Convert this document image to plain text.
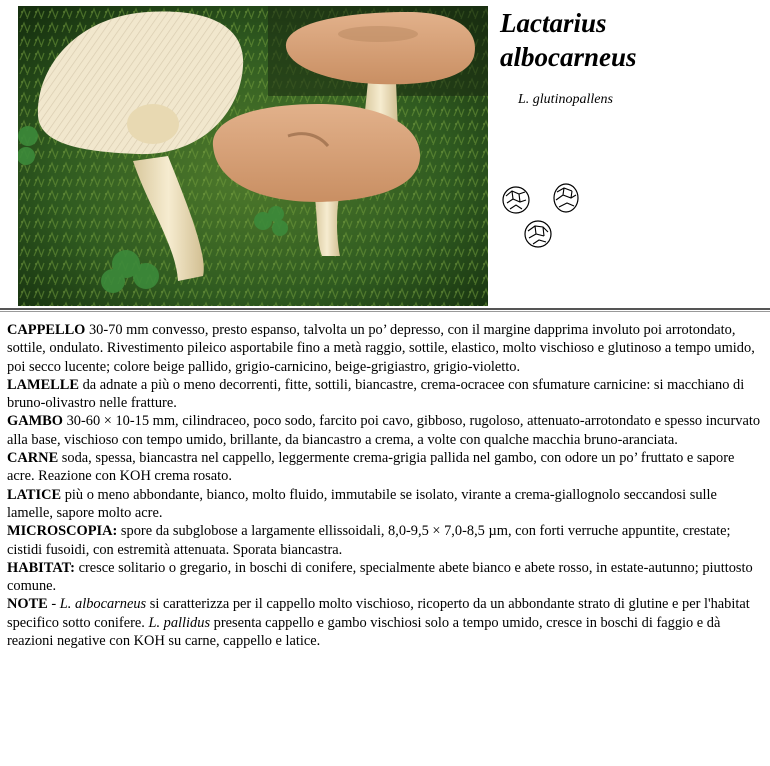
Lactarius
albocarneus
L. glutinopallens

CAPPELLO 30-70 mm convesso, presto espanso, talvolta un po’ depresso, con il margine dapprima involuto poi arrotondato, sottile, ondulato. Rivestimento pileico asportabile fino a metà raggio, sottile, elastico, molto vischioso e glutinoso a tempo umido, poi secco lucente; colore beige pallido, grigio-carnicino, beige-grigiastro, grigio-violetto.

LAMELLE da adnate a più o meno decorrenti, fitte, sottili, biancastre, crema-ocracee con sfumature carnicine: si macchiano di bruno-olivastro nelle fratture.

GAMBO 30-60 × 10-15 mm, cilindraceo, poco sodo, farcito poi cavo, gibboso, rugoloso, attenuato-arrotondato e spesso incurvato alla base, vischioso con tempo umido, brillante, da biancastro a crema, a volte con qualche macchia bruno-aranciata.

CARNE soda, spessa, biancastra nel cappello, leggermente crema-grigia pallida nel gambo, con odore un po’ fruttato e sapore acre. Reazione con KOH crema rosato.

LATICE più o meno abbondante, bianco, molto fluido, immutabile se isolato, virante a crema-giallognolo seccandosi sulle lamelle, sapore molto acre.

MICROSCOPIA: spore da subglobose a largamente ellissoidali, 8,0-9,5 × 7,0-8,5 µm, con forti verruche appuntite, crestate; cistidi fusoidi, con estremità attenuata. Sporata biancastra.

HABITAT: cresce solitario o gregario, in boschi di conifere, specialmente abete bianco e abete rosso, in estate-autunno; piuttosto comune.

NOTE - L. albocarneus si caratterizza per il cappello molto vischioso, ricoperto da un abbondante strato di glutine e per l'habitat specifico sotto conifere. L. pallidus presenta cappello e gambo vischiosi solo a tempo umido, cresce in boschi di faggio e dà reazioni negative con KOH su carne, cappello e latice.
